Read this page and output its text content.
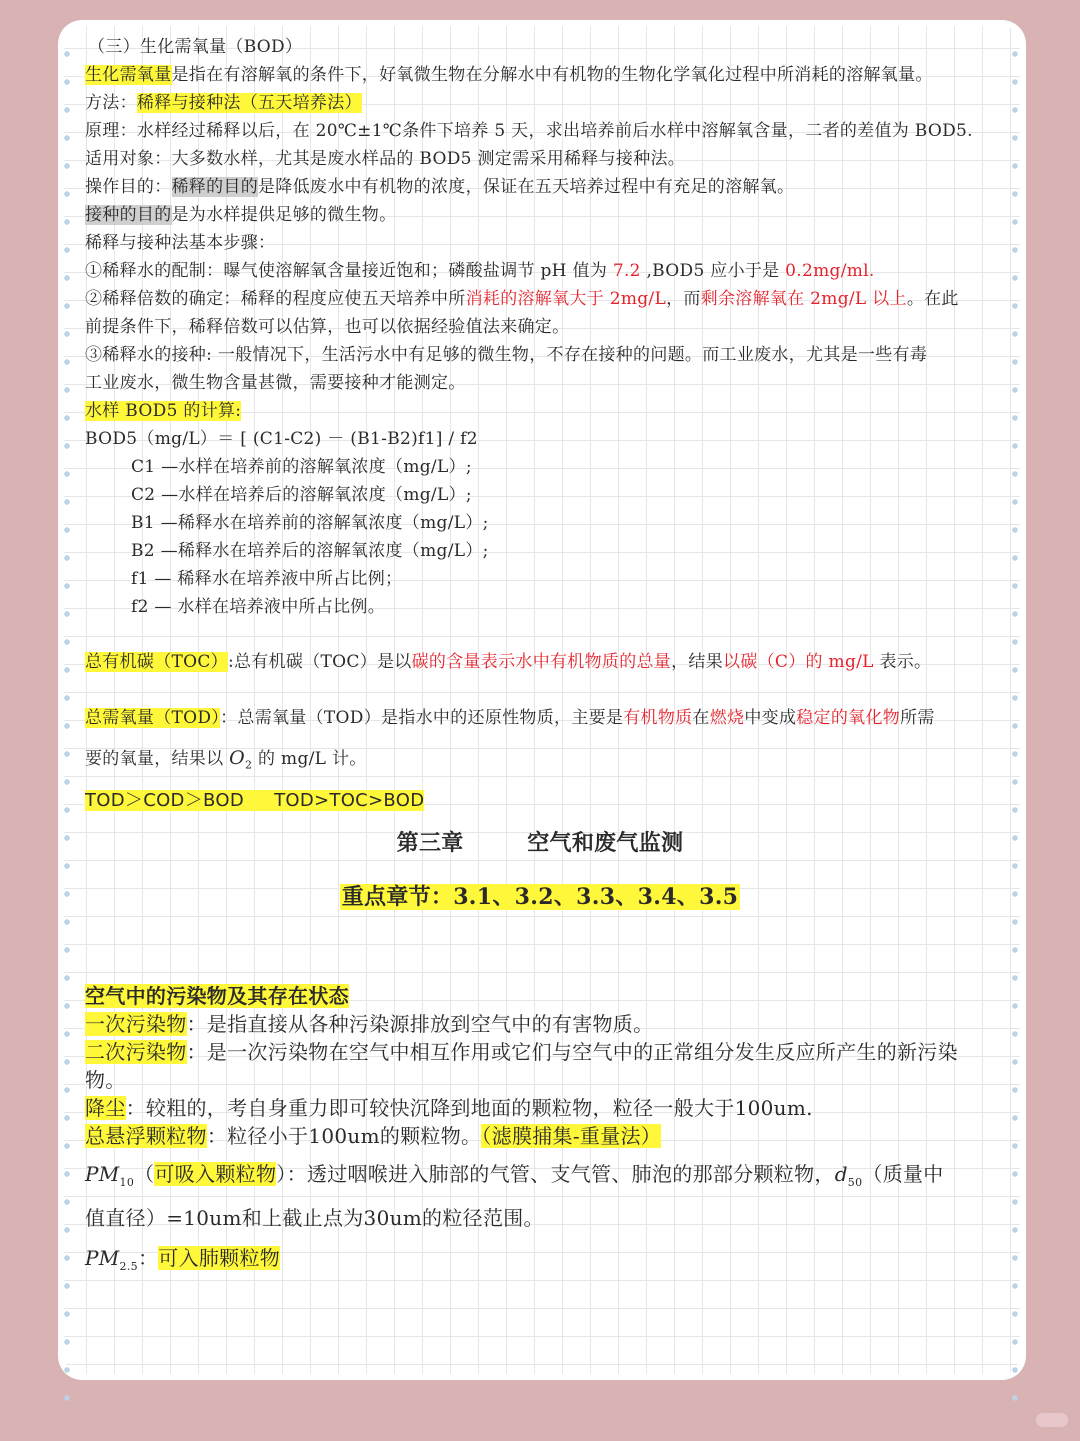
（三）生化需氧量（BOD）
生化需氧量是指在有溶解氧的条件下，好氧微生物在分解水中有机物的生物化学氧化过程中所消耗的溶解氧量。
方法：稀释与接种法（五天培养法）
原理：水样经过稀释以后，在 20℃±1℃条件下培养 5 天，求出培养前后水样中溶解氧含量，二者的差值为 BOD5.
适用对象：大多数水样，尤其是废水样品的 BOD5 测定需采用稀释与接种法。
操作目的：稀释的目的是降低废水中有机物的浓度，保证在五天培养过程中有充足的溶解氧。
接种的目的是为水样提供足够的微生物。
稀释与接种法基本步骤：
①稀释水的配制：曝气使溶解氧含量接近饱和；磷酸盐调节 pH 值为 7.2 ,BOD5 应小于是 0.2mg/ml.
②稀释倍数的确定：稀释的程度应使五天培养中所消耗的溶解氧大于 2mg/L，而剩余溶解氧在 2mg/L 以上。在此
前提条件下，稀释倍数可以估算，也可以依据经验值法来确定。
③稀释水的接种: 一般情况下，生活污水中有足够的微生物，不存在接种的问题。而工业废水，尤其是一些有毒
工业废水，微生物含量甚微，需要接种才能测定。
水样 BOD5 的计算:
BOD5（mg/L）＝ [ (C1-C2) － (B1-B2)f1] / f2
C1 —水样在培养前的溶解氧浓度（mg/L）;
C2 —水样在培养后的溶解氧浓度（mg/L）;
B1 —稀释水在培养前的溶解氧浓度（mg/L）;
B2 —稀释水在培养后的溶解氧浓度（mg/L）;
f1 — 稀释水在培养液中所占比例；
f2 — 水样在培养液中所占比例。
总有机碳（TOC）:总有机碳（TOC）是以碳的含量表示水中有机物质的总量，结果以碳（C）的 mg/L 表示。
总需氧量（TOD）：总需氧量（TOD）是指水中的还原性物质，主要是有机物质在燃烧中变成稳定的氧化物所需
要的氧量，结果以 $O_2$ 的 mg/L 计。
TOD＞COD＞BOD     TOD>TOC>BOD
第三章        空气和废气监测
重点章节：3.1、3.2、3.3、3.4、3.5
空气中的污染物及其存在状态
一次污染物：是指直接从各种污染源排放到空气中的有害物质。
二次污染物：是一次污染物在空气中相互作用或它们与空气中的正常组分发生反应所产生的新污染
物。
降尘：较粗的，考自身重力即可较快沉降到地面的颗粒物，粒径一般大于100um.
总悬浮颗粒物：粒径小于100um的颗粒物。（滤膜捕集-重量法）
$PM_{10}$（可吸入颗粒物）：透过咽喉进入肺部的气管、支气管、肺泡的那部分颗粒物，$d_{50}$（质量中
值直径）=10um和上截止点为30um的粒径范围。
$PM_{2.5}$：可入肺颗粒物
